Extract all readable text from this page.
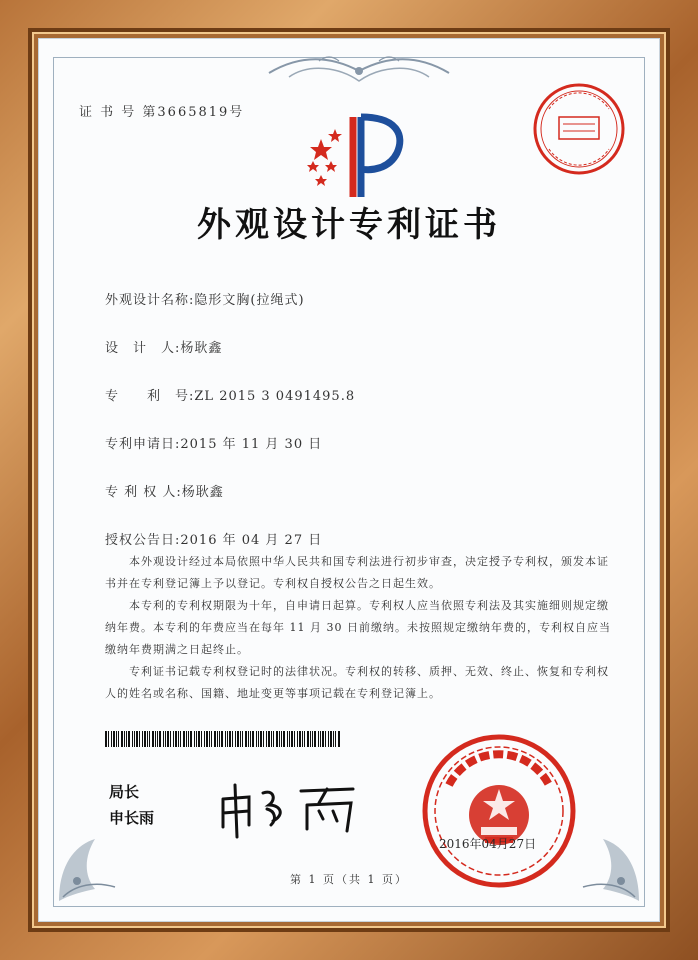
证 书 号 第3665819号
外观设计专利证书
外观设计名称:隐形文胸(拉绳式)
设　计　人:杨耿鑫
专　　利　号:ZL 2015 3 0491495.8
专利申请日:2015 年 11 月 30 日
专 利 权 人:杨耿鑫
授权公告日:2016 年 04 月 27 日

本外观设计经过本局依照中华人民共和国专利法进行初步审查，决定授予专利权，颁发本证书并在专利登记簿上予以登记。专利权自授权公告之日起生效。

本专利的专利权期限为十年，自申请日起算。专利权人应当依照专利法及其实施细则规定缴纳年费。本专利的年费应当在每年 11 月 30 日前缴纳。未按照规定缴纳年费的，专利权自应当缴纳年费期满之日起终止。

专利证书记载专利权登记时的法律状况。专利权的转移、质押、无效、终止、恢复和专利权人的姓名或名称、国籍、地址变更等事项记载在专利登记簿上。

局长
申长雨
2016年04月27日
第 1 页（共 1 页）
